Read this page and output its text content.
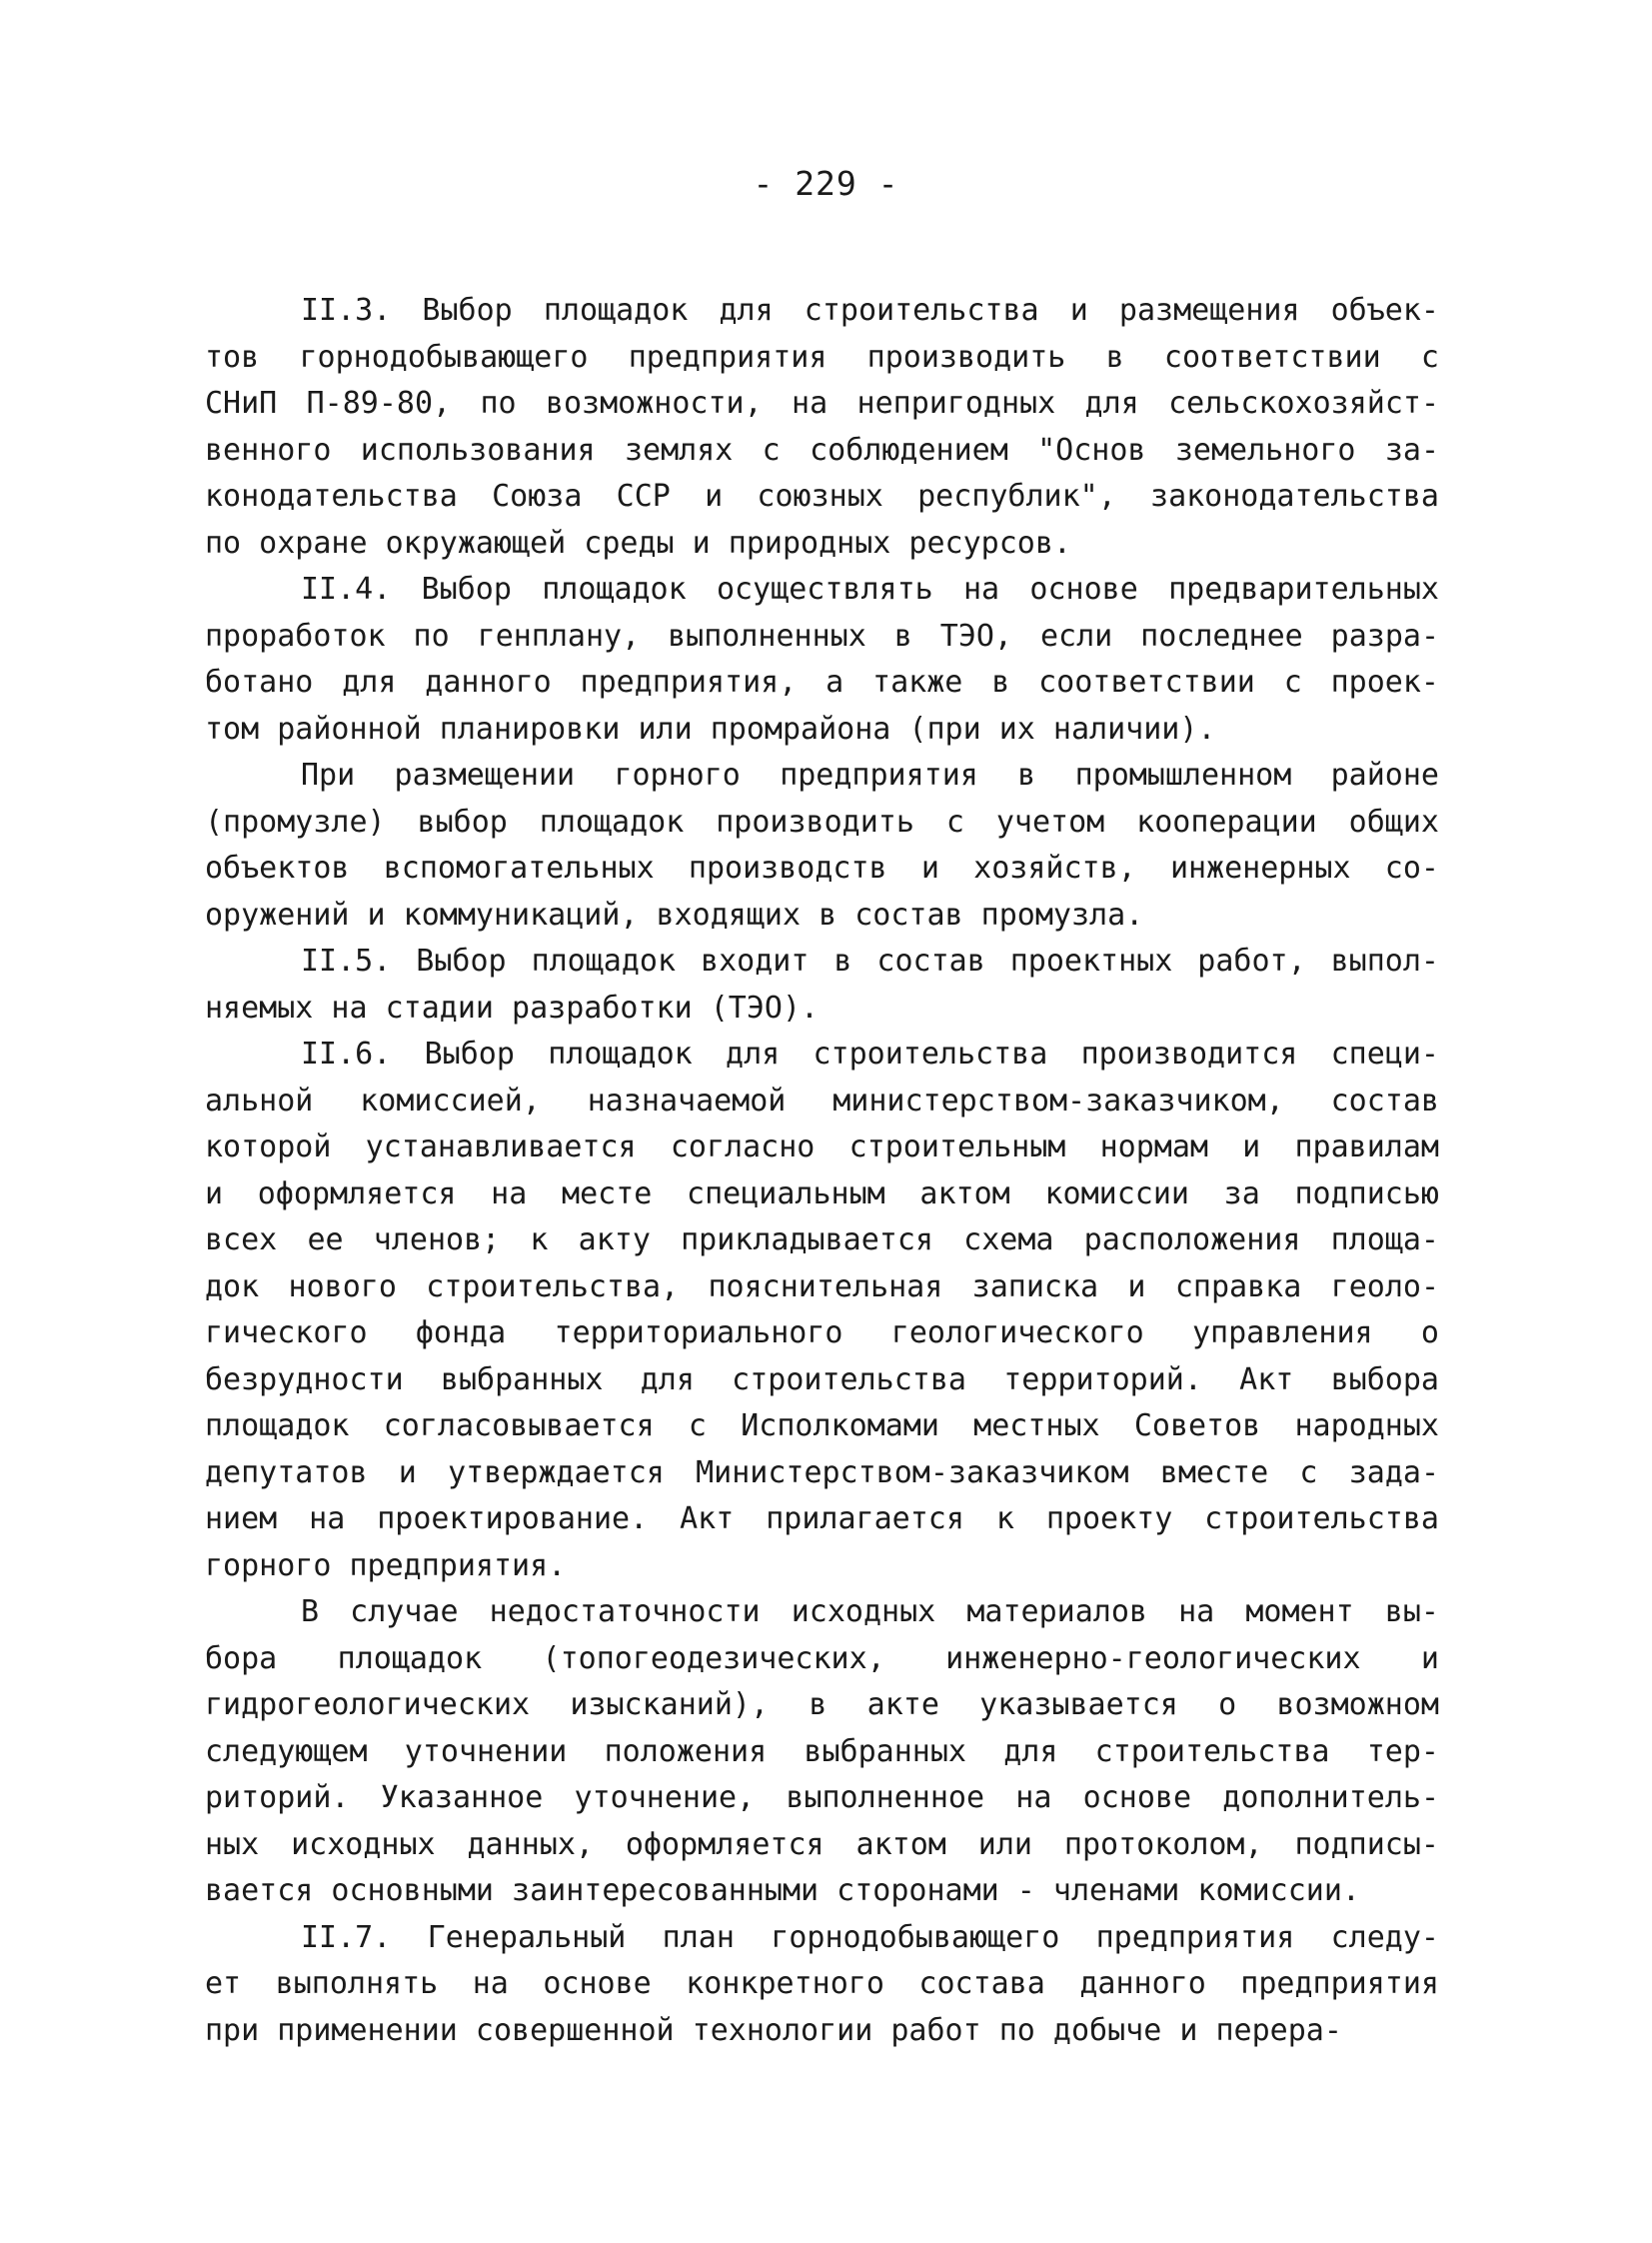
- 229 -

II.3. Выбор площадок для строительства и размещения объек-
тов горнодобывающего предприятия производить в соответствии с
СНиП П-89-80, по возможности, на непригодных для сельскохозяйст-
венного использования землях с соблюдением "Основ земельного за-
конодательства Союза ССР и союзных республик", законодательства
по охране окружающей среды и природных ресурсов.

II.4. Выбор площадок осуществлять на основе предварительных
проработок по генплану, выполненных в ТЭО, если последнее разра-
ботано для данного предприятия, а также в соответствии с проек-
том районной планировки или промрайона (при их наличии).

При размещении горного предприятия в промышленном районе
(промузле) выбор площадок производить с учетом кооперации общих
объектов вспомогательных производств и хозяйств, инженерных со-
оружений и коммуникаций, входящих в состав промузла.

II.5. Выбор площадок входит в состав проектных работ, выпол-
няемых на стадии разработки (ТЭО).

II.6. Выбор площадок для строительства производится специ-
альной комиссией, назначаемой министерством-заказчиком, состав
которой устанавливается согласно строительным нормам и правилам
и оформляется на месте специальным актом комиссии за подписью
всех ее членов; к акту прикладывается схема расположения площа-
док нового строительства, пояснительная записка и справка геоло-
гического фонда территориального геологического управления о
безрудности выбранных для строительства территорий. Акт выбора
площадок согласовывается с Исполкомами местных Советов народных
депутатов и утверждается Министерством-заказчиком вместе с зада-
нием на проектирование. Акт прилагается к проекту строительства
горного предприятия.

В случае недостаточности исходных материалов на момент вы-
бора площадок (топогеодезических, инженерно-геологических и
гидрогеологических изысканий), в акте указывается о возможном
следующем уточнении положения выбранных для строительства тер-
риторий. Указанное уточнение, выполненное на основе дополнитель-
ных исходных данных, оформляется актом или протоколом, подписы-
вается основными заинтересованными сторонами - членами комиссии.

II.7. Генеральный план горнодобывающего предприятия следу-
ет выполнять на основе конкретного состава данного предприятия
при применении совершенной технологии работ по добыче и перера-
